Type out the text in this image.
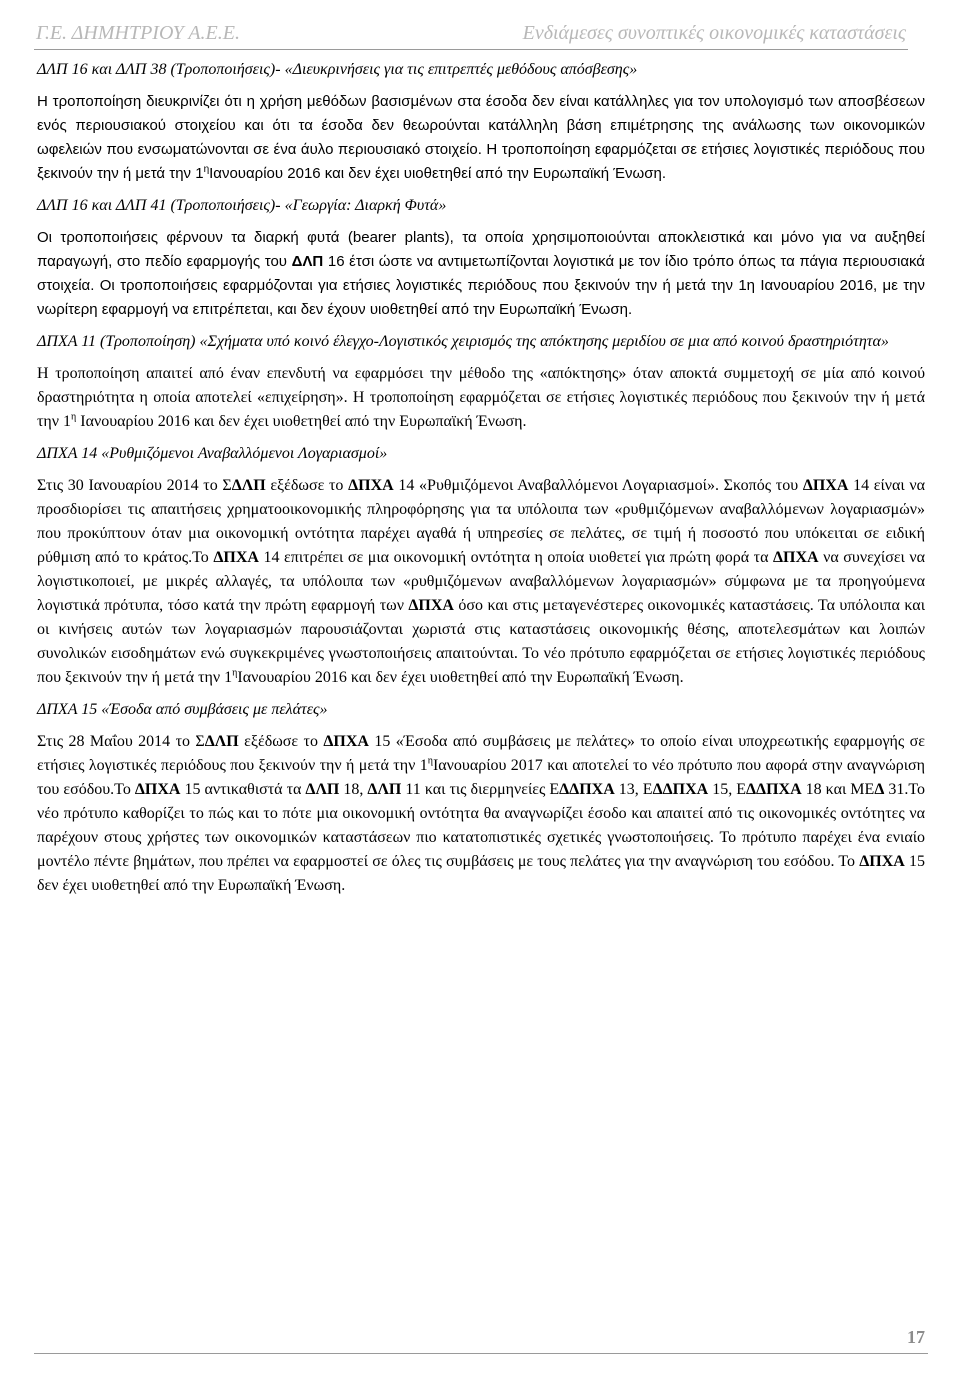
Γ.Ε. ΔΗΜΗΤΡΙΟΥ Α.Ε.Ε.	Ενδιάμεσες συνοπτικές οικονομικές καταστάσεις

ΔΛΠ 16 και ΔΛΠ 38 (Τροποποιήσεις)- «Διευκρινήσεις για τις επιτρεπτές μεθόδους απόσβεσης»

Η τροποποίηση διευκρινίζει ότι η χρήση μεθόδων βασισμένων στα έσοδα δεν είναι κατάλληλες για τον υπολογισμό των αποσβέσεων ενός περιουσιακού στοιχείου και ότι τα έσοδα δεν θεωρούνται κατάλληλη βάση επιμέτρησης της ανάλωσης των οικονομικών ωφελειών που ενσωματώνονται σε ένα άυλο περιουσιακό στοιχείο. Η τροποποίηση εφαρμόζεται σε ετήσιες λογιστικές περιόδους που ξεκινούν την ή μετά την $1^\eta I\alpha\nu o\upsilon\alpha\rho ίo\upsilon$ 2016 και δεν έχει υιοθετηθεί από την Ευρωπαϊκή Ένωση.

ΔΛΠ 16 και ΔΛΠ 41 (Τροποποιήσεις)- «Γεωργία: Διαρκή Φυτά»

Οι τροποποιήσεις φέρνουν τα διαρκή φυτά (bearer plants), τα οποία χρησιμοποιούνται αποκλειστικά και μόνο για να αυξηθεί παραγωγή, στο πεδίο εφαρμογής του ΔΛΠ 16 έτσι ώστε να αντιμετωπίζονται λογιστικά με τον ίδιο τρόπο όπως τα πάγια περιουσιακά στοιχεία. Οι τροποποιήσεις εφαρμόζονται για ετήσιες λογιστικές περιόδους που ξεκινούν την ή μετά την 1η Ιανουαρίου 2016, με την νωρίτερη εφαρμογή να επιτρέπεται, και δεν έχουν υιοθετηθεί από την Ευρωπαϊκή Ένωση.

ΔΠΧΑ 11 (Τροποποίηση) «Σχήματα υπό κοινό έλεγχο-Λογιστικός χειρισμός της απόκτησης μεριδίου σε μια από κοινού δραστηριότητα»

Η τροποποίηση απαιτεί από έναν επενδυτή να εφαρμόσει την μέθοδο της «απόκτησης» όταν αποκτά συμμετοχή σε μία από κοινού δραστηριότητα η οποία αποτελεί «επιχείρηση». Η τροποποίηση εφαρμόζεται σε ετήσιες λογιστικές περιόδους που ξεκινούν την ή μετά την $1^\eta$ Ιανουαρίου 2016 και δεν έχει υιοθετηθεί από την Ευρωπαϊκή Ένωση.

ΔΠΧΑ 14 «Ρυθμιζόμενοι Αναβαλλόμενοι Λογαριασμοί»

Στις 30 Ιανουαρίου 2014 το ΣΔΛΠ εξέδωσε το ΔΠΧΑ 14 «Ρυθμιζόμενοι Αναβαλλόμενοι Λογαριασμοί». Σκοπός του ΔΠΧΑ 14 είναι να προσδιορίσει τις απαιτήσεις χρηματοοικονομικής πληροφόρησης για τα υπόλοιπα των «ρυθμιζόμενων αναβαλλόμενων λογαριασμών» που προκύπτουν όταν μια οικονομική οντότητα παρέχει αγαθά ή υπηρεσίες σε πελάτες, σε τιμή ή ποσοστό που υπόκειται σε ειδική ρύθμιση από το κράτος.Το ΔΠΧΑ 14 επιτρέπει σε μια οικονομική οντότητα η οποία υιοθετεί για πρώτη φορά τα ΔΠΧΑ να συνεχίσει να λογιστικοποιεί, με μικρές αλλαγές, τα υπόλοιπα των «ρυθμιζόμενων αναβαλλόμενων λογαριασμών» σύμφωνα με τα προηγούμενα λογιστικά πρότυπα, τόσο κατά την πρώτη εφαρμογή των ΔΠΧΑ όσο και στις μεταγενέστερες οικονομικές καταστάσεις. Τα υπόλοιπα και οι κινήσεις αυτών των λογαριασμών παρουσιάζονται χωριστά στις καταστάσεις οικονομικής θέσης, αποτελεσμάτων και λοιπών συνολικών εισοδημάτων ενώ συγκεκριμένες γνωστοποιήσεις απαιτούνται. Το νέο πρότυπο εφαρμόζεται σε ετήσιες λογιστικές περιόδους που ξεκινούν την ή μετά την $1^\eta I\alpha\nu o\upsilon\alpha\rho ίo\upsilon$ 2016 και δεν έχει υιοθετηθεί από την Ευρωπαϊκή Ένωση.

ΔΠΧΑ 15 «Έσοδα από συμβάσεις με πελάτες»

Στις 28 Μαΐου 2014 το ΣΔΛΠ εξέδωσε το ΔΠΧΑ 15 «Έσοδα από συμβάσεις με πελάτες» το οποίο είναι υποχρεωτικής εφαρμογής σε ετήσιες λογιστικές περιόδους που ξεκινούν την ή μετά την $1^\eta I\alpha\nu o\upsilon\alpha\rho ίo\upsilon$ 2017 και αποτελεί το νέο πρότυπο που αφορά στην αναγνώριση του εσόδου.Το ΔΠΧΑ 15 αντικαθιστά τα ΔΛΠ 18, ΔΛΠ 11 και τις διερμηνείες ΕΔΔΠΧΑ 13, ΕΔΔΠΧΑ 15, ΕΔΔΠΧΑ 18 και ΜΕΔ 31.Το νέο πρότυπο καθορίζει το πώς και το πότε μια οικονομική οντότητα θα αναγνωρίζει έσοδο και απαιτεί από τις οικονομικές οντότητες να παρέχουν στους χρήστες των οικονομικών καταστάσεων πιο κατατοπιστικές σχετικές γνωστοποιήσεις. Το πρότυπο παρέχει ένα ενιαίο μοντέλο πέντε βημάτων, που πρέπει να εφαρμοστεί σε όλες τις συμβάσεις με τους πελάτες για την αναγνώριση του εσόδου. Το ΔΠΧΑ 15 δεν έχει υιοθετηθεί από την Ευρωπαϊκή Ένωση.

17
